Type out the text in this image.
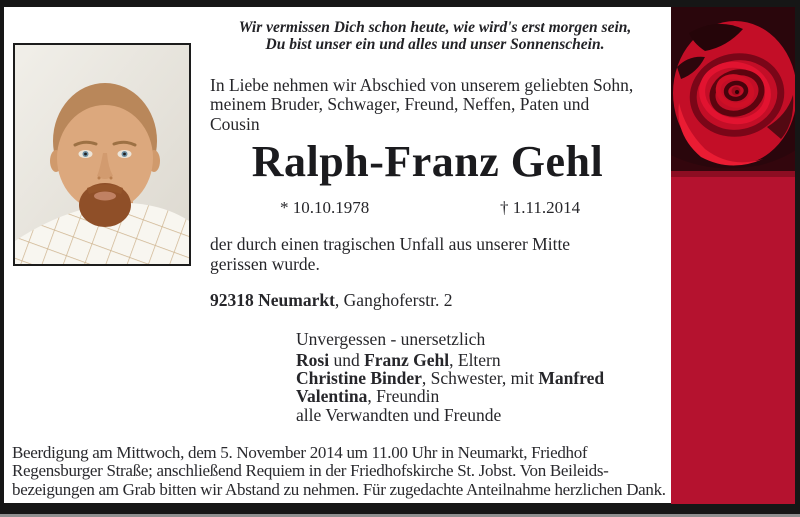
Wir vermissen Dich schon heute, wie wird's erst morgen sein,
Du bist unser ein und alles und unser Sonnenschein.
In Liebe nehmen wir Abschied von unserem geliebten Sohn,
meinem Bruder, Schwager, Freund, Neffen, Paten und
Cousin
Ralph-Franz Gehl
* 10.10.1978	† 1.11.2014
der durch einen tragischen Unfall aus unserer Mitte
gerissen wurde.
92318 Neumarkt, Ganghoferstr. 2
Unvergessen - unersetzlich
Rosi und Franz Gehl, Eltern
Christine Binder, Schwester, mit Manfred
Valentina, Freundin
alle Verwandten und Freunde
Beerdigung am Mittwoch, dem 5. November 2014 um 11.00 Uhr in Neumarkt, Friedhof
Regensburger Straße; anschließend Requiem in der Friedhofskirche St. Jobst. Von Beileids-
bezeigungen am Grab bitten wir Abstand zu nehmen. Für zugedachte Anteilnahme herzlichen Dank.
